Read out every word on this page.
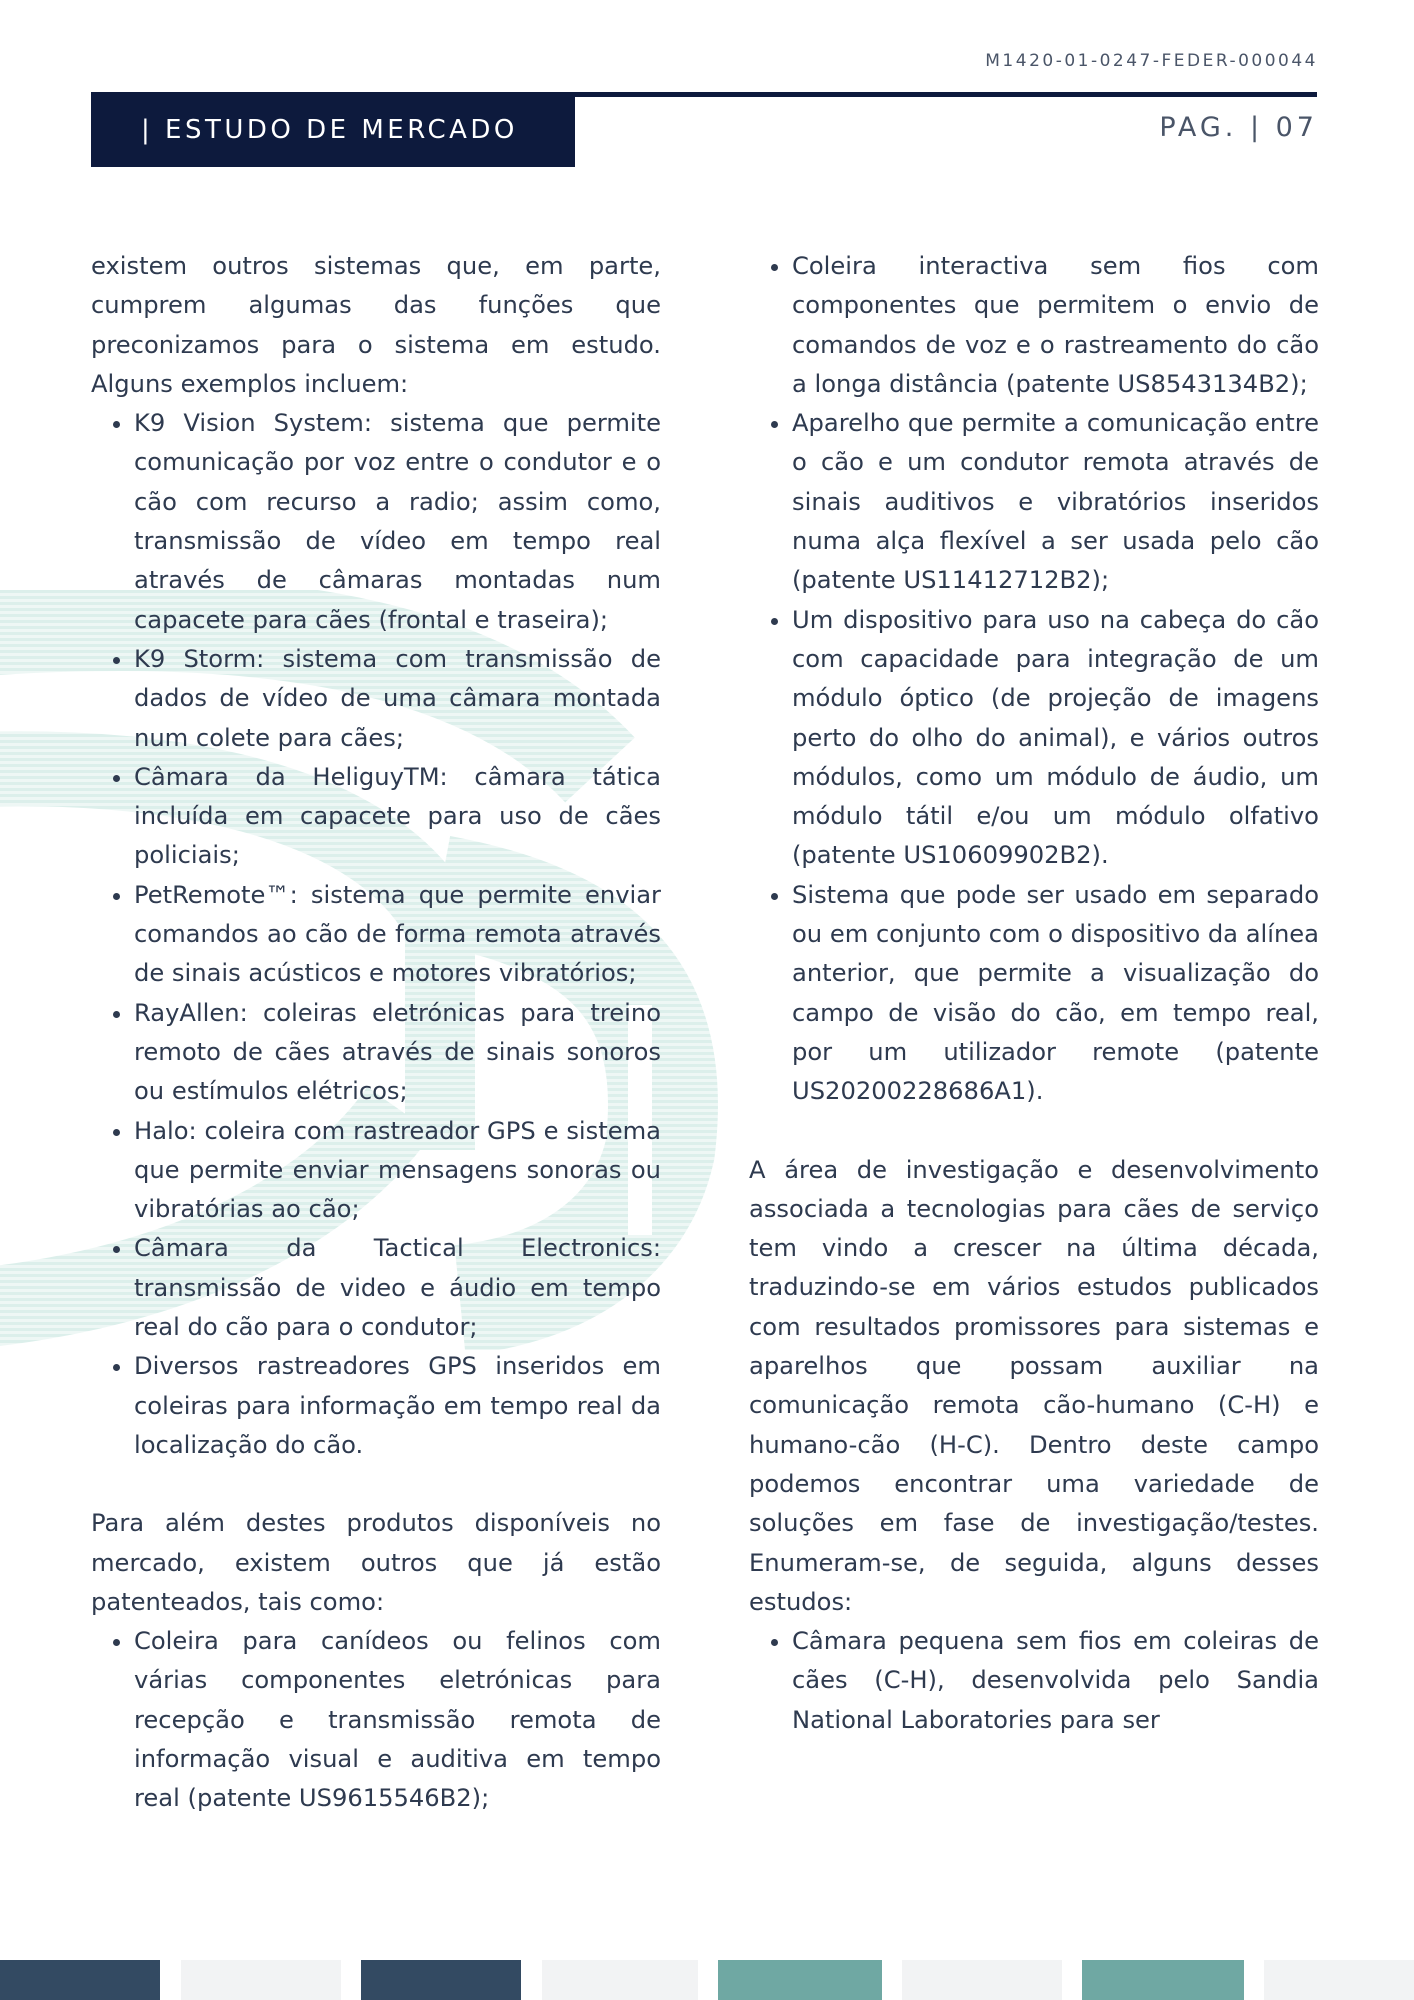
M1420-01-0247-FEDER-000044
| ESTUDO DE MERCADO	PAG. | 07

existem outros sistemas que, em parte, cumprem algumas das funções que preconizamos para o sistema em estudo. Alguns exemplos incluem:

• K9 Vision System: sistema que permite comunicação por voz entre o condutor e o cão com recurso a radio; assim como, transmissão de vídeo em tempo real através de câmaras montadas num capacete para cães (frontal e traseira);
• K9 Storm: sistema com transmissão de dados de vídeo de uma câmara montada num colete para cães;
• Câmara da HeliguyTM: câmara tática incluída em capacete para uso de cães policiais;
• PetRemote™: sistema que permite enviar comandos ao cão de forma remota através de sinais acústicos e motores vibratórios;
• RayAllen: coleiras eletrónicas para treino remoto de cães através de sinais sonoros ou estímulos elétricos;
• Halo: coleira com rastreador GPS e sistema que permite enviar mensagens sonoras ou vibratórias ao cão;
• Câmara da Tactical Electronics: transmissão de video e áudio em tempo real do cão para o condutor;
• Diversos rastreadores GPS inseridos em coleiras para informação em tempo real da localização do cão.

Para além destes produtos disponíveis no mercado, existem outros que já estão patenteados, tais como:

• Coleira para canídeos ou felinos com várias componentes eletrónicas para recepção e transmissão remota de informação visual e auditiva em tempo real (patente US9615546B2);
• Coleira interactiva sem fios com componentes que permitem o envio de comandos de voz e o rastreamento do cão a longa distância (patente US8543134B2);
• Aparelho que permite a comunicação entre o cão e um condutor remota através de sinais auditivos e vibratórios inseridos numa alça flexível a ser usada pelo cão (patente US11412712B2);
• Um dispositivo para uso na cabeça do cão com capacidade para integração de um módulo óptico (de projeção de imagens perto do olho do animal), e vários outros módulos, como um módulo de áudio, um módulo tátil e/ou um módulo olfativo (patente US10609902B2).
• Sistema que pode ser usado em separado ou em conjunto com o dispositivo da alínea anterior, que permite a visualização do campo de visão do cão, em tempo real, por um utilizador remote (patente US20200228686A1).

A área de investigação e desenvolvimento associada a tecnologias para cães de serviço tem vindo a crescer na última década, traduzindo-se em vários estudos publicados com resultados promissores para sistemas e aparelhos que possam auxiliar na comunicação remota cão-humano (C-H) e humano-cão (H-C). Dentro deste campo podemos encontrar uma variedade de soluções em fase de investigação/testes. Enumeram-se, de seguida, alguns desses estudos:

• Câmara pequena sem fios em coleiras de cães (C-H), desenvolvida pelo Sandia National Laboratories para ser
